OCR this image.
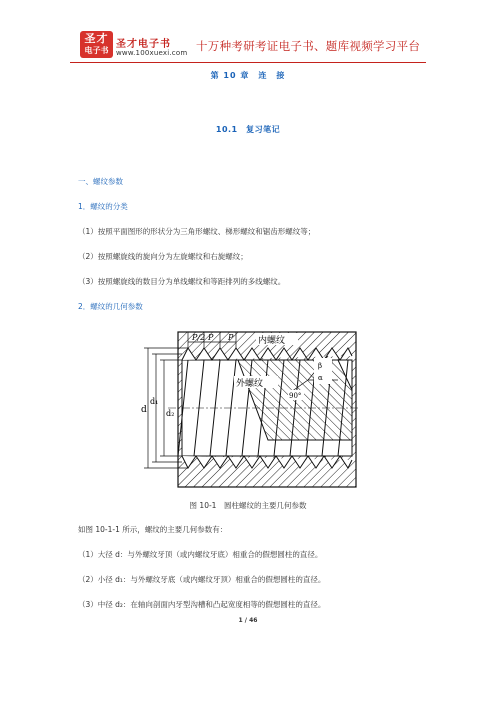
圣才
电子书
圣才电子书
www.100xuexi.com 十万种考研考证电子书、题库视频学习平台
第 10 章　连　接
10.1　复习笔记
一、螺纹参数
1．螺纹的分类
（1）按照平面图形的形状分为三角形螺纹、梯形螺纹和锯齿形螺纹等；
（2）按照螺旋线的旋向分为左旋螺纹和右旋螺纹；
（3）按照螺旋线的数目分为单线螺纹和等距排列的多线螺纹。
2．螺纹的几何参数
d
d₁
d₂
P/2 P P	内螺纹
外螺纹
β
α
90°
图 10-1　圆柱螺纹的主要几何参数
如图 10-1-1 所示，螺纹的主要几何参数有：
（1）大径 d：与外螺纹牙顶（或内螺纹牙底）相重合的假想圆柱的直径。
（2）小径 d₁：与外螺纹牙底（或内螺纹牙顶）相重合的假想圆柱的直径。
（3）中径 d₂：在轴向剖面内牙型沟槽和凸起宽度相等的假想圆柱的直径。
1 / 46
